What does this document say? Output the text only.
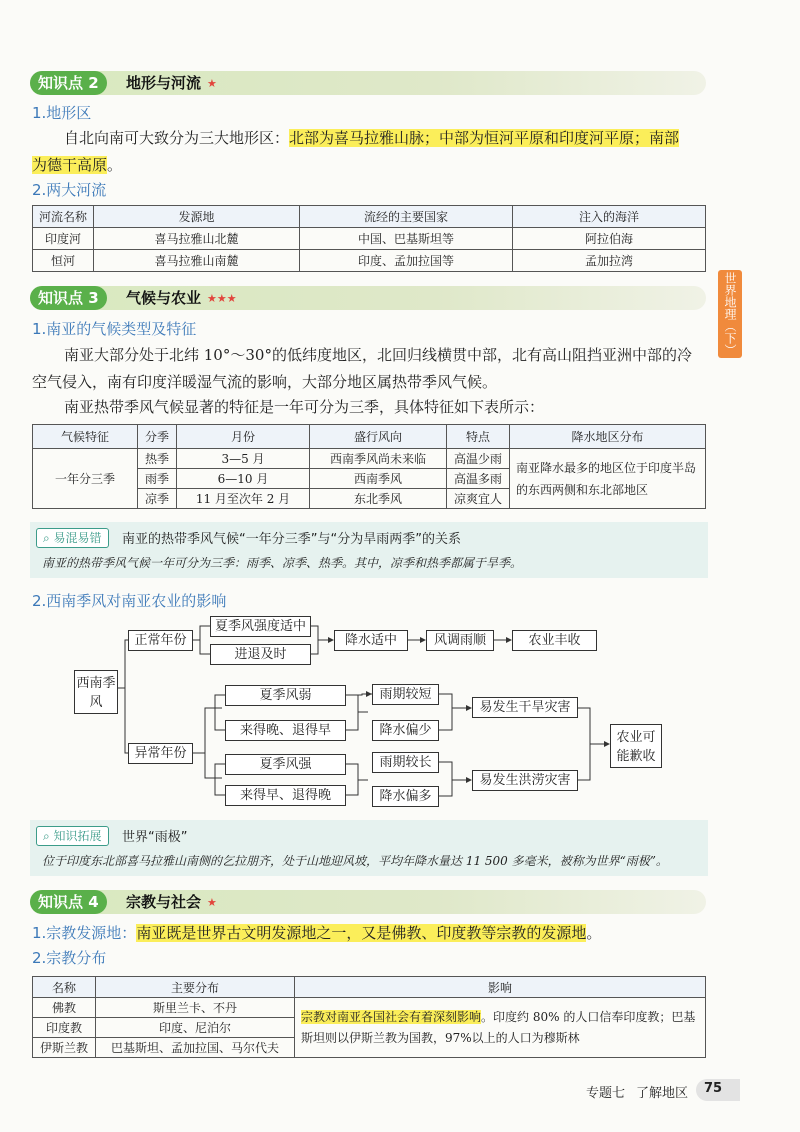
知识点 2	地形与河流 ★
1.地形区
自北向南可大致分为三大地形区：北部为喜马拉雅山脉；中部为恒河平原和印度河平原；南部
为德干高原。
2.两大河流
河流名称	发源地	流经的主要国家	注入的海洋
印度河	喜马拉雅山北麓	中国、巴基斯坦等	阿拉伯海
恒河	喜马拉雅山南麓	印度、孟加拉国等	孟加拉湾
知识点 3	气候与农业 ★★★
1.南亚的气候类型及特征
南亚大部分处于北纬 10°～30°的低纬度地区，北回归线横贯中部，北有高山阻挡亚洲中部的冷
空气侵入，南有印度洋暖湿气流的影响，大部分地区属热带季风气候。
南亚热带季风气候显著的特征是一年可分为三季，具体特征如下表所示：
气候特征	分季	月份	盛行风向	特点	降水地区分布
一年分三季	热季	3—5 月	西南季风尚未来临	高温少雨	南亚降水最多的地区位于印度半岛的东西两侧和东北部地区
	雨季	6—10 月	西南季风	高温多雨	
	凉季	11 月至次年 2 月	东北季风	凉爽宜人	
⌕ 易混易错	南亚的热带季风气候“一年分三季”与“分为旱雨两季”的关系
南亚的热带季风气候一年可分为三季：雨季、凉季、热季。其中，凉季和热季都属于旱季。
2.西南季风对南亚农业的影响
西南季风
正常年份
异常年份
夏季风强度适中
进退及时
降水适中	风调雨顺	农业丰收
夏季风弱
来得晚、退得早
雨期较短
降水偏少
易发生干旱灾害
夏季风强
来得早、退得晚
雨期较长
降水偏多
易发生洪涝灾害
农业可能歉收
⌕ 知识拓展	世界“雨极”
位于印度东北部喜马拉雅山南侧的乞拉朋齐，处于山地迎风坡，平均年降水量达 11 500 多毫米，被称为世界“雨极”。
知识点 4	宗教与社会 ★
1.宗教发源地：南亚既是世界古文明发源地之一，又是佛教、印度教等宗教的发源地。
2.宗教分布
名称	主要分布	影响
佛教	斯里兰卡、不丹	宗教对南亚各国社会有着深刻影响。印度约 80% 的人口信奉印度教；巴基斯坦则以伊斯兰教为国教，97%以上的人口为穆斯林
印度教	印度、尼泊尔	
伊斯兰教	巴基斯坦、孟加拉国、马尔代夫	
世界地理（下）
专题七 了解地区 75
